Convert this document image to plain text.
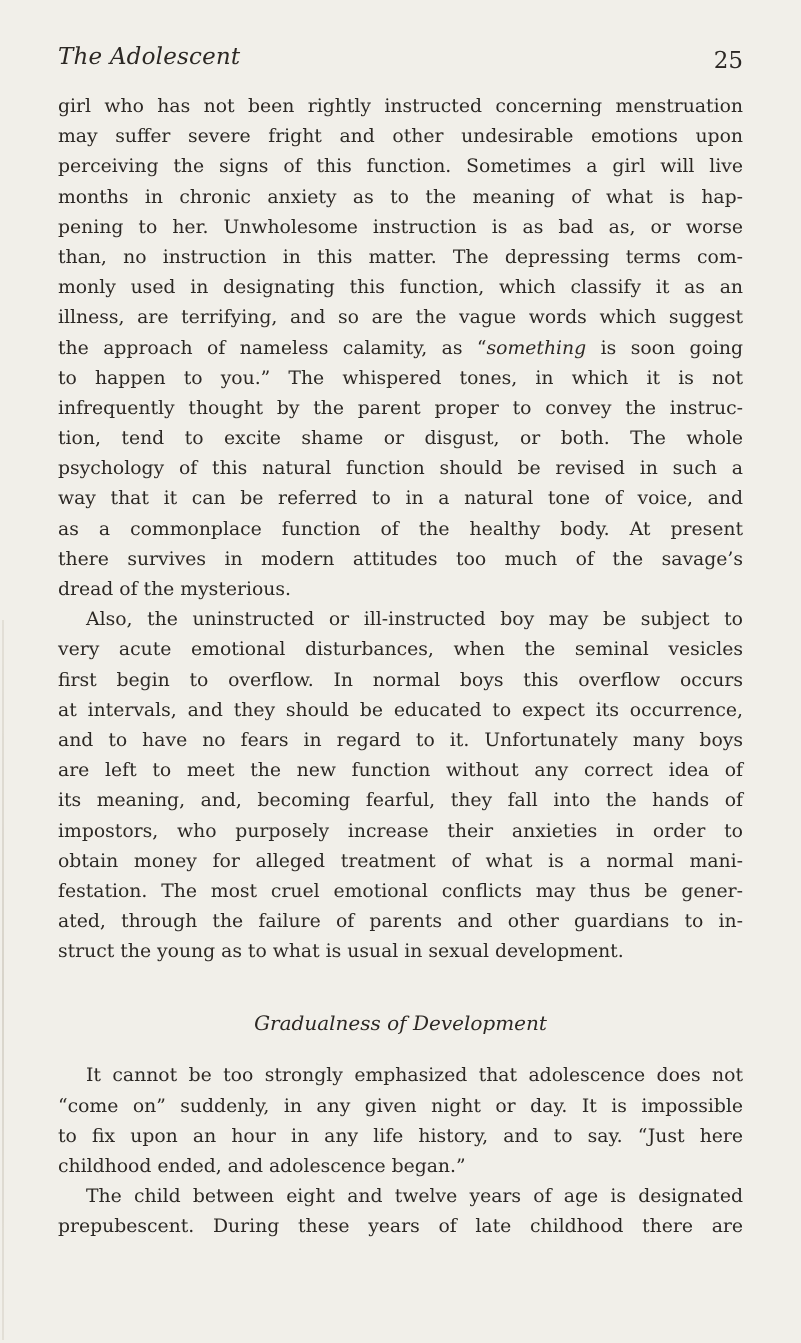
The Adolescent	25
girl who has not been rightly instructed concerning menstruation
may suffer severe fright and other undesirable emotions upon
perceiving the signs of this function. Sometimes a girl will live
months in chronic anxiety as to the meaning of what is hap-
pening to her. Unwholesome instruction is as bad as, or worse
than, no instruction in this matter. The depressing terms com-
monly used in designating this function, which classify it as an
illness, are terrifying, and so are the vague words which suggest
the approach of nameless calamity, as “something is soon going
to happen to you.” The whispered tones, in which it is not
infrequently thought by the parent proper to convey the instruc-
tion, tend to excite shame or disgust, or both. The whole
psychology of this natural function should be revised in such a
way that it can be referred to in a natural tone of voice, and
as a commonplace function of the healthy body. At present
there survives in modern attitudes too much of the savage’s
dread of the mysterious.
Also, the uninstructed or ill-instructed boy may be subject to
very acute emotional disturbances, when the seminal vesicles
first begin to overflow. In normal boys this overflow occurs
at intervals, and they should be educated to expect its occurrence,
and to have no fears in regard to it. Unfortunately many boys
are left to meet the new function without any correct idea of
its meaning, and, becoming fearful, they fall into the hands of
impostors, who purposely increase their anxieties in order to
obtain money for alleged treatment of what is a normal mani-
festation. The most cruel emotional conflicts may thus be gener-
ated, through the failure of parents and other guardians to in-
struct the young as to what is usual in sexual development.
Gradualness of Development
It cannot be too strongly emphasized that adolescence does not
“come on” suddenly, in any given night or day. It is impossible
to fix upon an hour in any life history, and to say. “Just here
childhood ended, and adolescence began.”
The child between eight and twelve years of age is designated
prepubescent. During these years of late childhood there are
